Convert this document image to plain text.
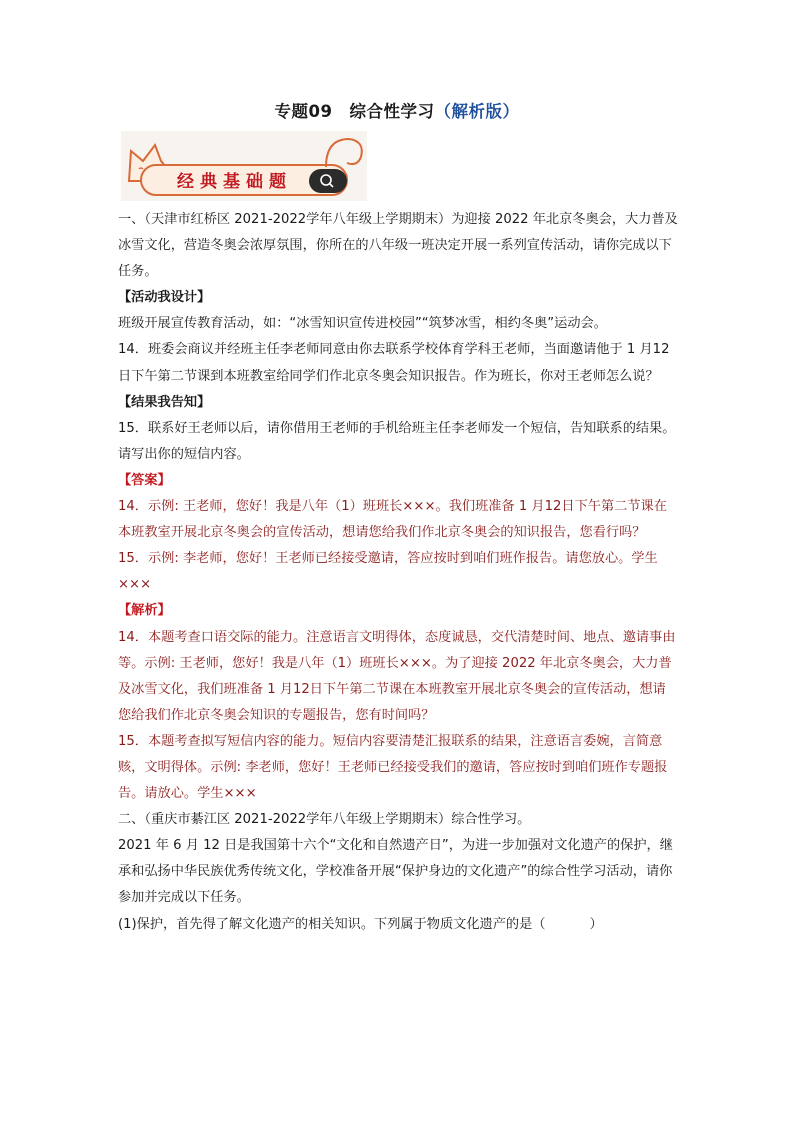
专题09　综合性学习（解析版）
经典基础题

一、（天津市红桥区 2021-2022学年八年级上学期期末）为迎接 2022 年北京冬奥会，大力普及冰雪文化，营造冬奥会浓厚氛围，你所在的八年级一班决定开展一系列宣传活动，请你完成以下任务。

【活动我设计】

班级开展宣传教育活动，如：“冰雪知识宣传进校园”“筑梦冰雪，相约冬奥”运动会。

14．班委会商议并经班主任李老师同意由你去联系学校体育学科王老师，当面邀请他于 1 月12日下午第二节课到本班教室给同学们作北京冬奥会知识报告。作为班长，你对王老师怎么说？

【结果我告知】

15．联系好王老师以后，请你借用王老师的手机给班主任李老师发一个短信，告知联系的结果。请写出你的短信内容。

【答案】

14．示例: 王老师，您好！我是八年（1）班班长×××。我们班准备 1 月12日下午第二节课在本班教室开展北京冬奥会的宣传活动，想请您给我们作北京冬奥会的知识报告，您看行吗？

15．示例: 李老师，您好！王老师已经接受邀请，答应按时到咱们班作报告。请您放心。学生×××

【解析】

14．本题考查口语交际的能力。注意语言文明得体，态度诚恳，交代清楚时间、地点、邀请事由等。示例: 王老师，您好！我是八年（1）班班长×××。为了迎接 2022 年北京冬奥会，大力普及冰雪文化，我们班准备 1 月12日下午第二节课在本班教室开展北京冬奥会的宣传活动，想请您给我们作北京冬奥会知识的专题报告，您有时间吗？

15．本题考查拟写短信内容的能力。短信内容要清楚汇报联系的结果，注意语言委婉，言简意赅，文明得体。示例: 李老师，您好！王老师已经接受我们的邀请，答应按时到咱们班作专题报告。请放心。学生×××

二、（重庆市綦江区 2021-2022学年八年级上学期期末）综合性学习。

2021 年 6 月 12 日是我国第十六个“文化和自然遗产日”，为进一步加强对文化遗产的保护，继承和弘扬中华民族优秀传统文化，学校准备开展“保护身边的文化遗产”的综合性学习活动，请你参加并完成以下任务。

(1)保护，首先得了解文化遗产的相关知识。下列属于物质文化遗产的是（	）
